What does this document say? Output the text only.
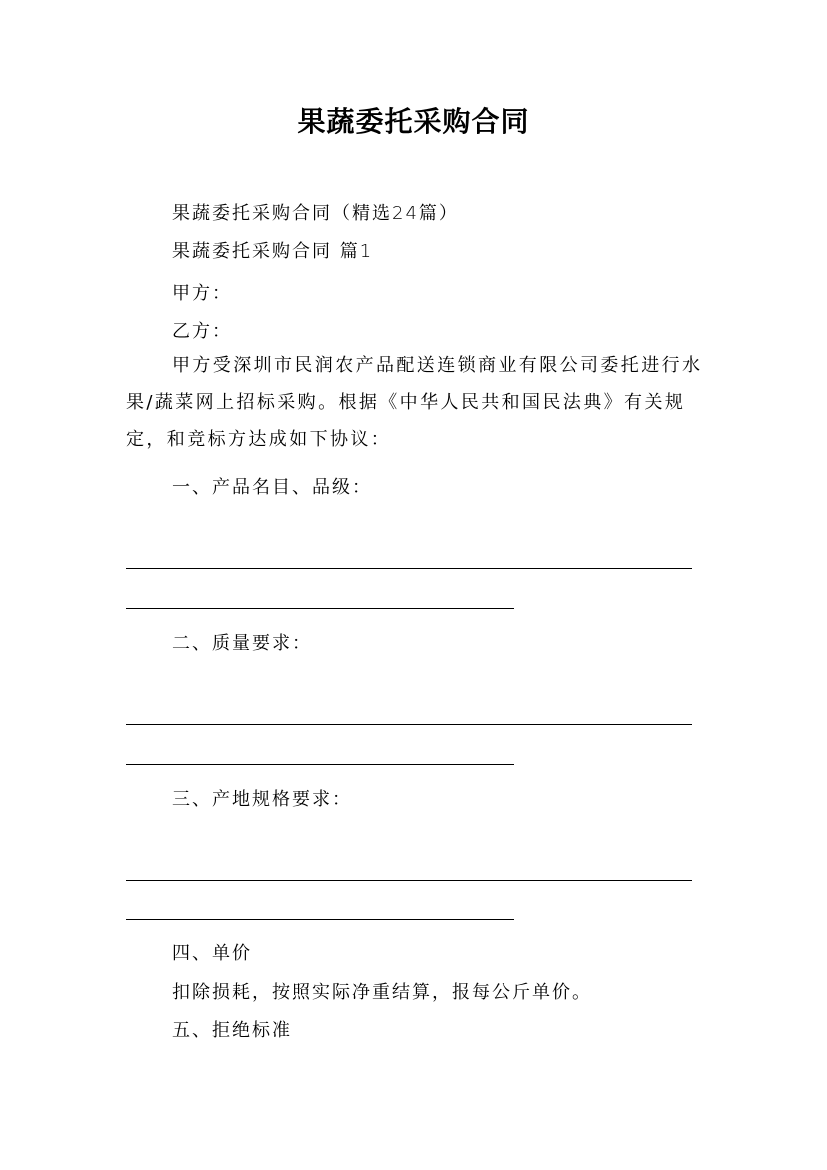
果蔬委托采购合同
果蔬委托采购合同（精选24篇）
果蔬委托采购合同 篇1
甲方：
乙方：
甲方受深圳市民润农产品配送连锁商业有限公司委托进行水果/蔬菜网上招标采购。根据《中华人民共和国民法典》有关规定，和竞标方达成如下协议：
一、产品名目、品级：
二、质量要求：
三、产地规格要求：
四、单价
扣除损耗，按照实际净重结算，报每公斤单价。
五、拒绝标准
